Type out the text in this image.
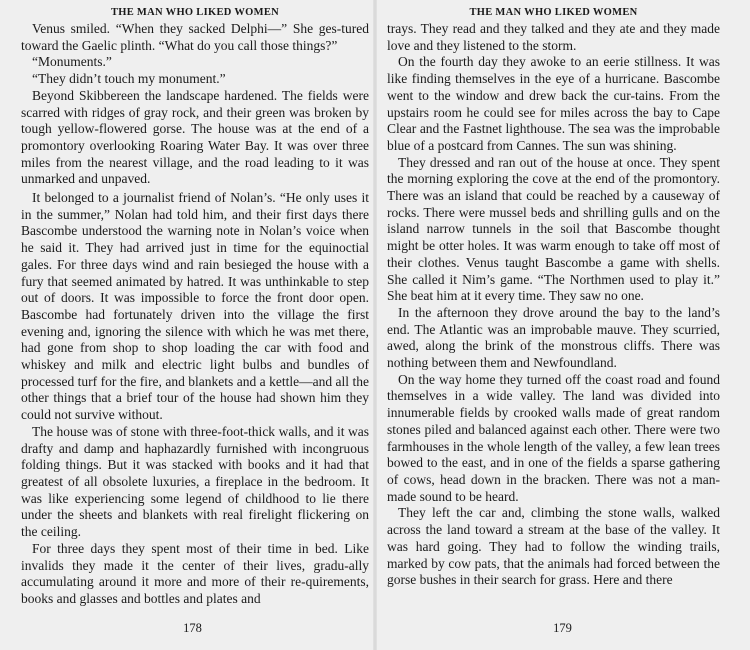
THE MAN WHO LIKED WOMEN

Venus smiled. “When they sacked Delphi—” She ges-tured toward the Gaelic plinth. “What do you call those things?”

“Monuments.”

“They didn’t touch my monument.”

Beyond Skibbereen the landscape hardened. The fields were scarred with ridges of gray rock, and their green was broken by tough yellow-flowered gorse. The house was at the end of a promontory overlooking Roaring Water Bay. It was over three miles from the nearest village, and the road leading to it was unmarked and unpaved.

It belonged to a journalist friend of Nolan’s. “He only uses it in the summer,” Nolan had told him, and their first days there Bascombe understood the warning note in Nolan’s voice when he said it. They had arrived just in time for the equinoctial gales. For three days wind and rain besieged the house with a fury that seemed animated by hatred. It was unthinkable to step out of doors. It was impossible to force the front door open. Bascombe had fortunately driven into the village the first evening and, ignoring the silence with which he was met there, had gone from shop to shop loading the car with food and whiskey and milk and electric light bulbs and bundles of processed turf for the fire, and blankets and a kettle—and all the other things that a brief tour of the house had shown him they could not survive without.

The house was of stone with three-foot-thick walls, and it was drafty and damp and haphazardly furnished with incongruous folding things. But it was stacked with books and it had that greatest of all obsolete luxuries, a fireplace in the bedroom. It was like experiencing some legend of childhood to lie there under the sheets and blankets with real firelight flickering on the ceiling.

For three days they spent most of their time in bed. Like invalids they made it the center of their lives, gradu-ally accumulating around it more and more of their re-quirements, books and glasses and bottles and plates and

178
THE MAN WHO LIKED WOMEN

trays. They read and they talked and they ate and they made love and they listened to the storm.

On the fourth day they awoke to an eerie stillness. It was like finding themselves in the eye of a hurricane. Bascombe went to the window and drew back the cur-tains. From the upstairs room he could see for miles across the bay to Cape Clear and the Fastnet lighthouse. The sea was the improbable blue of a postcard from Cannes. The sun was shining.

They dressed and ran out of the house at once. They spent the morning exploring the cove at the end of the promontory. There was an island that could be reached by a causeway of rocks. There were mussel beds and shrilling gulls and on the island narrow tunnels in the soil that Bascombe thought might be otter holes. It was warm enough to take off most of their clothes. Venus taught Bascombe a game with shells. She called it Nim’s game. “The Northmen used to play it.” She beat him at it every time. They saw no one.

In the afternoon they drove around the bay to the land’s end. The Atlantic was an improbable mauve. They scurried, awed, along the brink of the monstrous cliffs. There was nothing between them and Newfoundland.

On the way home they turned off the coast road and found themselves in a wide valley. The land was divided into innumerable fields by crooked walls made of great random stones piled and balanced against each other. There were two farmhouses in the whole length of the valley, a few lean trees bowed to the east, and in one of the fields a sparse gathering of cows, head down in the bracken. There was not a man-made sound to be heard.

They left the car and, climbing the stone walls, walked across the land toward a stream at the base of the valley. It was hard going. They had to follow the winding trails, marked by cow pats, that the animals had forced between the gorse bushes in their search for grass. Here and there

179
